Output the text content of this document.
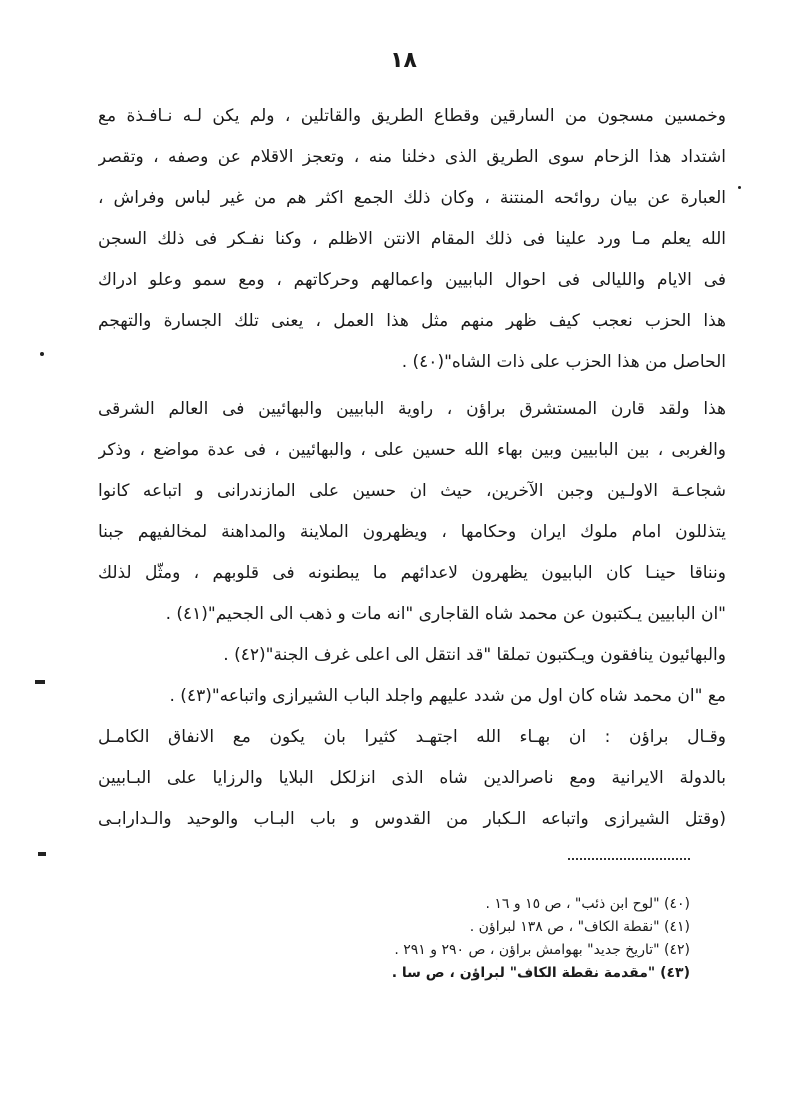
١٨
وخمسين مسجون من السارقين وقطاع الطريق والقاتلين ، ولم يكن لـه نـافـذة مع
اشتداد هذا الزحام سوى الطريق الذى دخلنا منه ، وتعجز الاقلام عن وصفه ، وتقصر
العبارة عن بيان روائحه المنتنة ، وكان ذلك الجمع اكثر هم من غير لباس وفراش ،
الله يعلم مـا ورد علينا فى ذلك المقام الانتن الاظلم ، وكنا نفـكر فى ذلك السجن
فى الايام والليالى فى احوال البابيين واعمالهم وحركاتهم ، ومع سمو وعلو ادراك
هذا الحزب نعجب كيف ظهر منهم مثل هذا العمل ، يعنى تلك الجسارة والتهجم
الحاصل من هذا الحزب على ذات الشاه"(٤٠) .
هذا ولقد قارن المستشرق براؤن ، راوية البابيين والبهائيين فى العالم الشرقى
والغربى ، بين البابيين وبين بهاء الله حسين على ، والبهائيين ، فى عدة مواضع ، وذكر
شجاعـة الاولـين وجبن الآخرين، حيث ان حسين على المازندرانى و اتباعه كانوا
يتذللون امام ملوك ايران وحكامها ، ويظهرون الملاينة والمداهنة لمخالفيهم جبنا
ونناقا حينـا كان البابيون يظهرون لاعدائهم ما يبطنونه فى قلوبهم ، ومثّل لذلك
"ان البابيين يـكتبون عن محمد شاه القاجارى "انه مات و ذهب الى الجحيم"(٤١) .
والبهائيون ينافقون ويـكتبون تملقا "قد انتقل الى اعلى غرف الجنة"(٤٢) .
مع "ان محمد شاه كان اول من شدد عليهم واجلد الباب الشيرازى واتباعه"(٤٣) .
وقـال براؤن : ان بهـاء الله اجتهـد كثيرا بان يكون مع الانفاق الكامـل
بالدولة الايرانية ومع ناصرالدين شاه الذى انزلكل البلايا والرزايا على البـابيين
(وقتل الشيرازى واتباعه الـكبار من القدوس و باب البـاب والوحيد والـدارابـى
(٤٠) "لوح ابن ذئب" ، ص ١٥ و ١٦ .
(٤١) "نقطة الكاف" ، ص ١٣٨ لبراؤن .
(٤٢) "تاريخ جديد" بهوامش براؤن ، ص ٢٩٠ و ٢٩١ .
(٤٣) "مقدمة نقطة الكاف" لبراؤن ، ص سا .
